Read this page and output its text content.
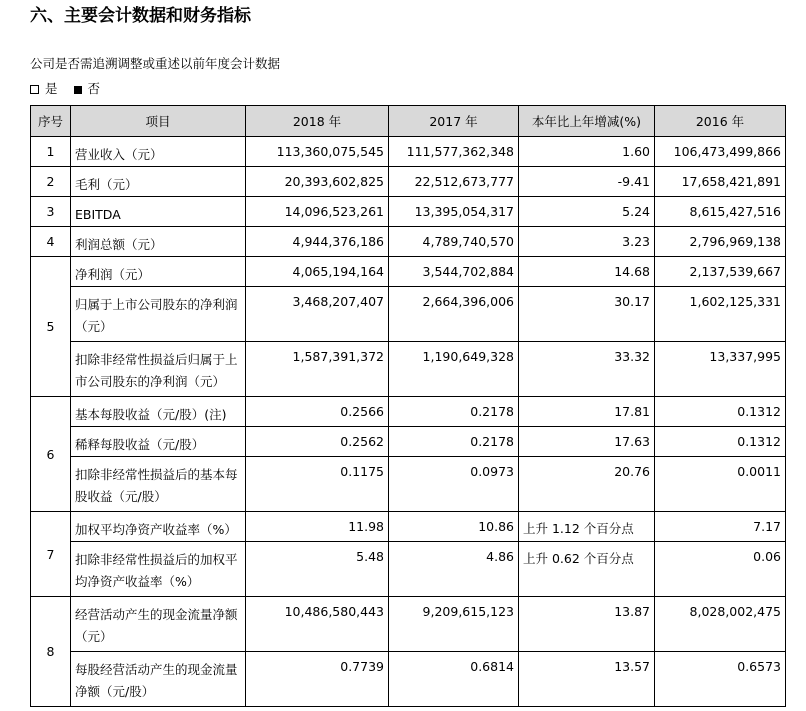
六、主要会计数据和财务指标
公司是否需追溯调整或重述以前年度会计数据
是 否
序号	项目	2018 年	2017 年	本年比上年增减(%)	2016 年
1	营业收入（元）	113,360,075,545	111,577,362,348	1.60	106,473,499,866
2	毛利（元）	20,393,602,825	22,512,673,777	-9.41	17,658,421,891
3	EBITDA	14,096,523,261	13,395,054,317	5.24	8,615,427,516
4	利润总额（元）	4,944,376,186	4,789,740,570	3.23	2,796,969,138
5	净利润（元）	4,065,194,164	3,544,702,884	14.68	2,137,539,667
	归属于上市公司股东的净利润（元）	3,468,207,407	2,664,396,006	30.17	1,602,125,331
	扣除非经常性损益后归属于上市公司股东的净利润（元）	1,587,391,372	1,190,649,328	33.32	13,337,995
6	基本每股收益（元/股）(注)	0.2566	0.2178	17.81	0.1312
	稀释每股收益（元/股）	0.2562	0.2178	17.63	0.1312
	扣除非经常性损益后的基本每股收益（元/股）	0.1175	0.0973	20.76	0.0011
7	加权平均净资产收益率（%）	11.98	10.86	上升 1.12 个百分点	7.17
	扣除非经常性损益后的加权平均净资产收益率（%）	5.48	4.86	上升 0.62 个百分点	0.06
8	经营活动产生的现金流量净额（元）	10,486,580,443	9,209,615,123	13.87	8,028,002,475
	每股经营活动产生的现金流量净额（元/股）	0.7739	0.6814	13.57	0.6573
